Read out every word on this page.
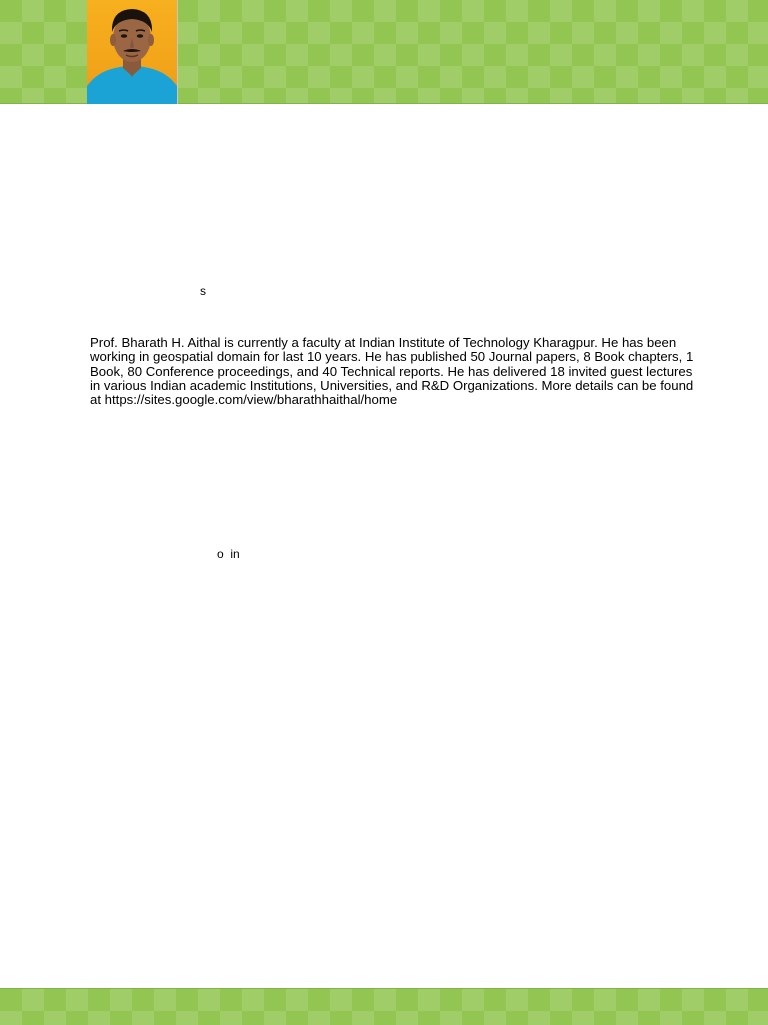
s
Prof. Bharath H. Aithal is currently a faculty at Indian Institute of Technology Kharagpur. He has been working in geospatial domain for last 10 years. He has published 50 Journal papers, 8 Book chapters, 1 Book, 80 Conference proceedings, and 40 Technical reports. He has delivered 18 invited guest lectures in various Indian academic Institutions, Universities, and R&D Organizations. More details can be found at https://sites.google.com/view/bharathhaithal/home
o  in
